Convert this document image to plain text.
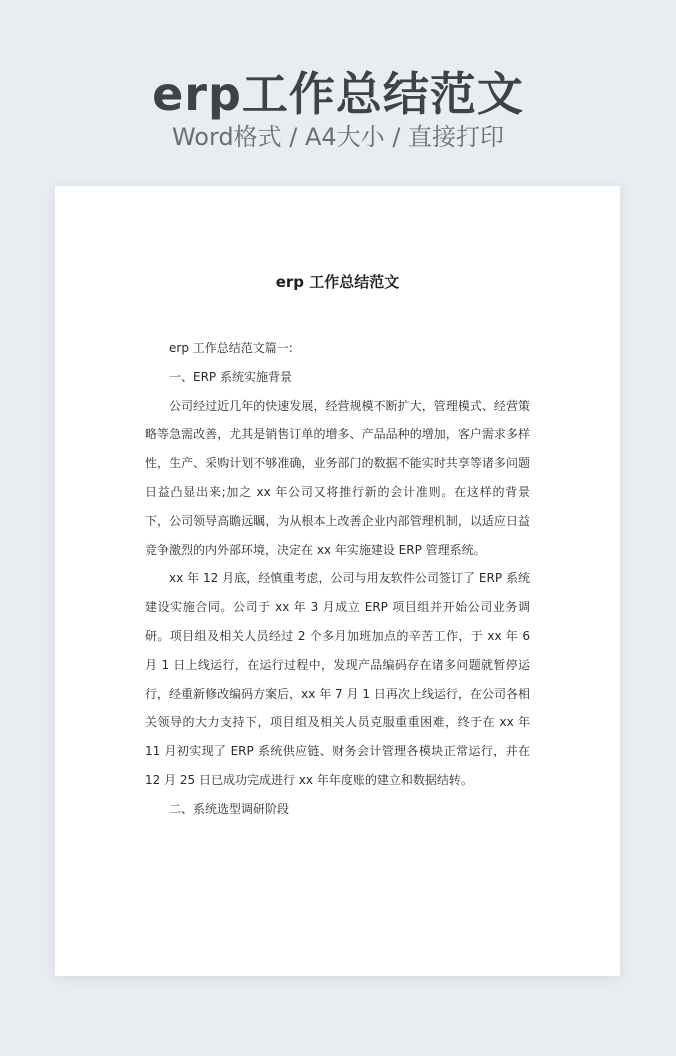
erp工作总结范文
Word格式 / A4大小 / 直接打印
erp 工作总结范文

erp 工作总结范文篇一:

一、ERP 系统实施背景

公司经过近几年的快速发展，经营规模不断扩大，管理模式、经营策略等急需改善，尤其是销售订单的增多、产品品种的增加，客户需求多样性，生产、采购计划不够准确，业务部门的数据不能实时共享等诸多问题日益凸显出来;加之 xx 年公司又将推行新的会计准则。在这样的背景下，公司领导高瞻远瞩，为从根本上改善企业内部管理机制，以适应日益竞争激烈的内外部环境，决定在 xx 年实施建设 ERP 管理系统。

xx 年 12 月底，经慎重考虑，公司与用友软件公司签订了 ERP 系统建设实施合同。公司于 xx 年 3 月成立 ERP 项目组并开始公司业务调研。项目组及相关人员经过 2 个多月加班加点的辛苦工作，于 xx 年 6 月 1 日上线运行，在运行过程中，发现产品编码存在诸多问题就暂停运行，经重新修改编码方案后，xx 年 7 月 1 日再次上线运行，在公司各相关领导的大力支持下，项目组及相关人员克服重重困难，终于在 xx 年 11 月初实现了 ERP 系统供应链、财务会计管理各模块正常运行，并在 12 月 25 日已成功完成进行 xx 年年度账的建立和数据结转。

二、系统选型调研阶段
